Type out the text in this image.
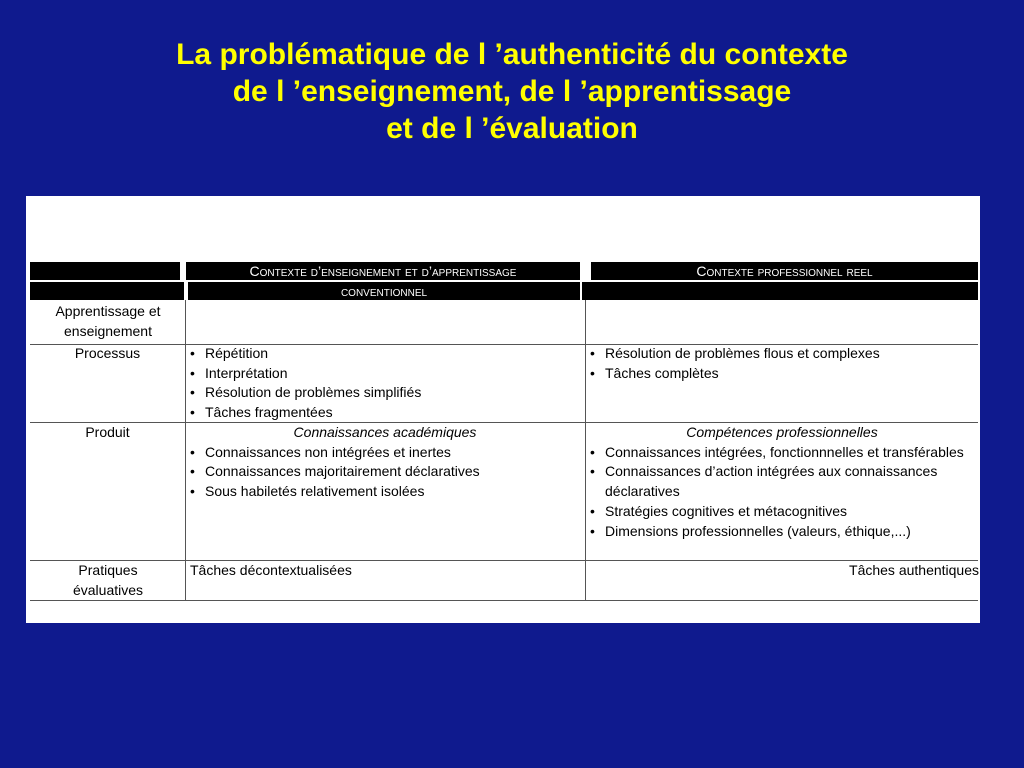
La problématique de l ’authenticité du contexte
de l ’enseignement, de l ’apprentissage
et de l ’évaluation
Contexte d’enseignement et d’apprentissage	Contexte professionnel reel
conventionnel
Apprentissage et enseignement
Processus
•	Répétition
• Interprétation
• Résolution de problèmes simplifiés
• Tâches fragmentées
• Résolution de problèmes flous et complexes
• Tâches complètes
Produit	Connaissances académiques
• Connaissances non intégrées et inertes
• Connaissances majoritairement déclaratives
• Sous habiletés relativement isolées
Compétences professionnelles
• Connaissances intégrées, fonctionnnelles et transférables
• Connaissances d’action intégrées aux connaissances déclaratives
• Stratégies cognitives et métacognitives
• Dimensions professionnelles (valeurs, éthique,...)
Pratiques évaluatives
Tâches décontextualisées	Tâches authentiques
